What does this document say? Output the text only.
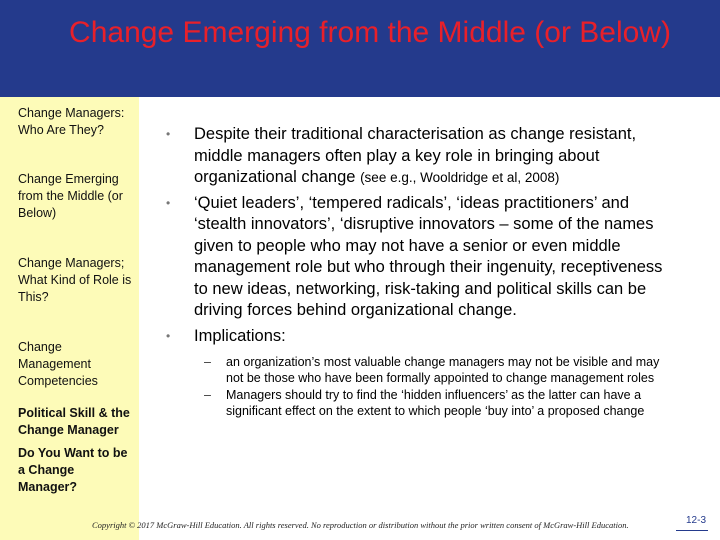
Change Emerging from the Middle (or Below)
Change Managers: Who Are They?
Change Emerging from the Middle (or Below)
Change Managers; What Kind of Role is This?
Change Management Competencies
Political Skill & the Change Manager
Do You Want to be a Change Manager?
• Despite their traditional characterisation as change resistant, middle managers often play a key role in bringing about organizational change (see e.g., Wooldridge et al, 2008)
• ‘Quiet leaders’, ‘tempered radicals’, ‘ideas practitioners’ and ‘stealth innovators’, ‘disruptive innovators – some of the names given to people who may not have a senior or even middle management role but who through their ingenuity, receptiveness to new ideas, networking, risk-taking and political skills can be driving forces behind organizational change.
• Implications:
– an organization’s most valuable change managers may not be visible and may not be those who have been formally appointed to change management roles
– Managers should try to find the ‘hidden influencers’ as the latter can have a significant effect on the extent to which people ‘buy into’ a proposed change
Copyright © 2017 McGraw-Hill Education. All rights reserved. No reproduction or distribution without the prior written consent of McGraw-Hill Education.	12-3
